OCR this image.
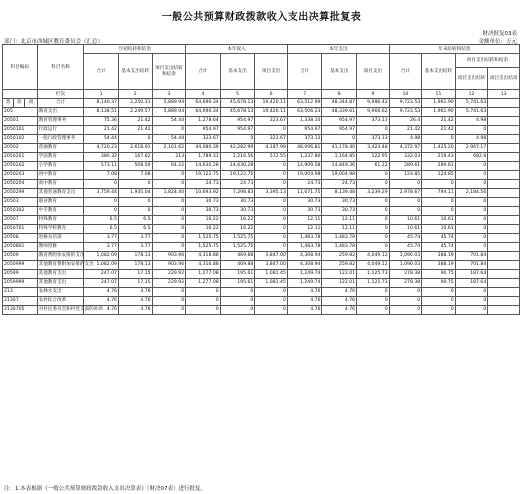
一般公共预算财政拨款收入支出决算批复表
财决批复03表
部门：北京市西城区教育委员会（汇总）	金额单位：万元
科目编码			科目名称	年初结转和结余			本年收入			本年支出			年末结转和结余			
				合计	基本支出结转	项目支出结转和结余	合计	基本支出	项目支出	合计	基本支出	项目支出	合计	基本支出结转	项目支出结转和结余	
															项目支出结转	项目支出结余
			栏次	1	2	3	4	5	6	7	8	9	10	11	12	13
类	款	项	合计	8,140.37	2,250.31	5,889.94	64,690.34	45,678.13	19,420.11	63,512.99	48,344.87	9,986.42	9,723.53	1,961.90	5,741.63	
205			教育支出	8,138.51	2,249.57	5,889.94	64,690.34	45,678.13	19,420.11	63,506.23	48,339.61	9,966.62	9,723.53	1,961.90	5,741.63	
20501			教育管理事务	75.36	21.42	54.44	1,278.64	954.97	323.67	1,338.10	954.97	373.13	26.4	21.42	4.98	
2050101			行政运行	21.42	21.42	0	954.97	954.97	0	954.97	954.97	0	21.42	21.42	0	
2050102			一般行政管理事务	54.44	0	54.44	323.67	0	323.67	373.13	0	373.13	4.98	0	4.98	
20502			普通教育	4,720.23	2,618.91	2,101.62	44,080.39	42,282.99	4,187.99	48,096.81	41,178.40	3,423.48	4,372.97	1,425.20	2,947.17	
2050201			学前教育	380.32	167.82	213	1,789.31	1,216.56	572.55	1,237.80	1,164.85	122.95	332.03	219.43	682.6	
2050202			小学教育	573.11	508.59	64.22	14,630.28	14,630.28	0	14,909.58	14,849.36	61.22	289.61	289.61	0	
2050203			初中教育	7.08	7.08	0	19,122.75	19,122.75	0	19,004.98	19,004.98	0	124.85	124.85	0	
2050204			高中教育	0	0	0	24.73	24.73	0	24.73	24.73	0	0	0	0	
2050299			其他普通教育支出	3,759.44	1,935.04	1,824.40	10,693.92	7,298.83	3,395.13	11,671.75	8,139.48	3,239.29	2,978.67	794.11	2,184.56	
20503			职业教育	0	0	0	30.73	30.73	0	30.73	30.73	0	0	0	0	
2050302			中专教育	0	0	0	30.73	30.73	0	30.73	30.73	0	0	0	0	
20507			特殊教育	6.5	6.5	0	16.22	16.22	0	12.11	12.11	0	10.61	10.61	0	
2050701			特殊学校教育	6.5	6.5	0	16.22	16.22	0	12.11	12.11	0	10.61	10.61	0	
20508			进修及培训	3.77	3.77	0	1,525.75	1,525.75	0	1,483.78	1,483.78	0	45.74	45.74	0	
2050801			教师进修	3.77	3.77	0	1,525.75	1,525.75	0	1,483.78	1,483.78	0	45.74	45.74	0	
20509			教育费附加安排的支出	1,082.09	178.13	903.96	4,318.88	469.88	3,847.00	4,308.94	259.82	4,049.12	1,090.03	388.19	701.84	
2050999			其他教育费附加安排的支出	1,082.09	178.13	903.96	4,316.88	469.88	3,847.00	4,308.94	259.82	4,049.12	1,090.03	388.19	701.84	
20599			其他教育支出	247.07	17.15	229.92	1,277.08	195.61	1,081.45	1,249.74	122.01	1,125.73	278.38	90.75	187.64	
2059999			其他教育支出	247.07	17.15	229.92	1,277.08	195.61	1,081.45	1,249.74	122.01	1,125.73	278.38	90.75	187.64	
213			农林水支出	4.76	4.76	0	0	0	0	4.76	4.76	0	0	0	0	
21307			农村综合改革	4.76	4.76	0	0	0	0	4.76	4.76	0	0	0	0	
2130705			对村民委员会和村党支部的补助	4.76	4.76	0	0	0	0	4.76	4.76	0	0	0	0	
注：1.本表根据《一般公共预算财政拨款收入支出决算表》（财决07表）进行批复。
